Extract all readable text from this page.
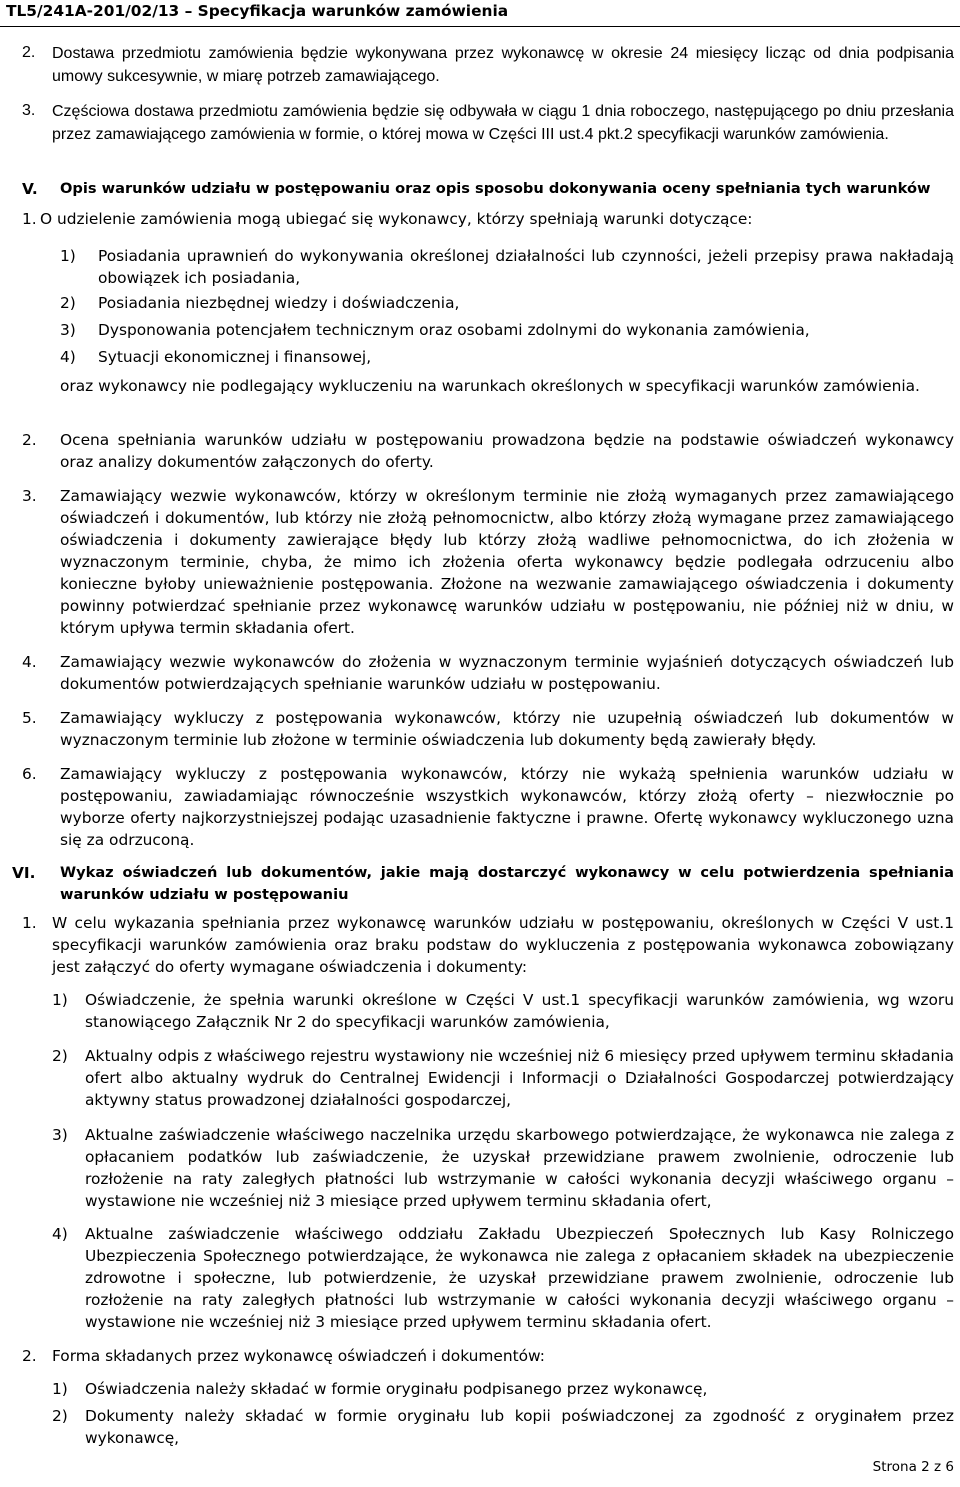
TL5/241A-201/02/13 – Specyfikacja warunków zamówienia
2. Dostawa przedmiotu zamówienia będzie wykonywana przez wykonawcę w okresie 24 miesięcy licząc od dnia podpisania umowy sukcesywnie, w miarę potrzeb zamawiającego.
3. Częściowa dostawa przedmiotu zamówienia będzie się odbywała w ciągu 1 dnia roboczego, następującego po dniu przesłania przez zamawiającego zamówienia w formie, o której mowa w Części III ust.4 pkt.2 specyfikacji warunków zamówienia.
V. Opis warunków udziału w postępowaniu oraz opis sposobu dokonywania oceny spełniania tych warunków
1. O udzielenie zamówienia mogą ubiegać się wykonawcy, którzy spełniają warunki dotyczące:
1) Posiadania uprawnień do wykonywania określonej działalności lub czynności, jeżeli przepisy prawa nakładają obowiązek ich posiadania,
2) Posiadania niezbędnej wiedzy i doświadczenia,
3) Dysponowania potencjałem technicznym oraz osobami zdolnymi do wykonania zamówienia,
4) Sytuacji ekonomicznej i finansowej,
oraz wykonawcy nie podlegający wykluczeniu na warunkach określonych w specyfikacji warunków zamówienia.
2. Ocena spełniania warunków udziału w postępowaniu prowadzona będzie na podstawie oświadczeń wykonawcy oraz analizy dokumentów załączonych do oferty.
3. Zamawiający wezwie wykonawców, którzy w określonym terminie nie złożą wymaganych przez zamawiającego oświadczeń i dokumentów, lub którzy nie złożą pełnomocnictw, albo którzy złożą wymagane przez zamawiającego oświadczenia i dokumenty zawierające błędy lub którzy złożą wadliwe pełnomocnictwa, do ich złożenia w wyznaczonym terminie, chyba, że mimo ich złożenia oferta wykonawcy będzie podlegała odrzuceniu albo konieczne byłoby unieważnienie postępowania. Złożone na wezwanie zamawiającego oświadczenia i dokumenty powinny potwierdzać spełnianie przez wykonawcę warunków udziału w postępowaniu, nie później niż w dniu, w którym upływa termin składania ofert.
4. Zamawiający wezwie wykonawców do złożenia w wyznaczonym terminie wyjaśnień dotyczących oświadczeń lub dokumentów potwierdzających spełnianie warunków udziału w postępowaniu.
5. Zamawiający wykluczy z postępowania wykonawców, którzy nie uzupełnią oświadczeń lub dokumentów w wyznaczonym terminie lub złożone w terminie oświadczenia lub dokumenty będą zawierały błędy.
6. Zamawiający wykluczy z postępowania wykonawców, którzy nie wykażą spełnienia warunków udziału w postępowaniu, zawiadamiając równocześnie wszystkich wykonawców, którzy złożą oferty – niezwłocznie po wyborze oferty najkorzystniejszej podając uzasadnienie faktyczne i prawne. Ofertę wykonawcy wykluczonego uzna się za odrzuconą.
VI. Wykaz oświadczeń lub dokumentów, jakie mają dostarczyć wykonawcy w celu potwierdzenia spełniania warunków udziału w postępowaniu
1. W celu wykazania spełniania przez wykonawcę warunków udziału w postępowaniu, określonych w Części V ust.1 specyfikacji warunków zamówienia oraz braku podstaw do wykluczenia z postępowania wykonawca zobowiązany jest załączyć do oferty wymagane oświadczenia i dokumenty:
1) Oświadczenie, że spełnia warunki określone w Części V ust.1 specyfikacji warunków zamówienia, wg wzoru stanowiącego Załącznik Nr 2 do specyfikacji warunków zamówienia,
2) Aktualny odpis z właściwego rejestru wystawiony nie wcześniej niż 6 miesięcy przed upływem terminu składania ofert albo aktualny wydruk do Centralnej Ewidencji i Informacji o Działalności Gospodarczej potwierdzający aktywny status prowadzonej działalności gospodarczej,
3) Aktualne zaświadczenie właściwego naczelnika urzędu skarbowego potwierdzające, że wykonawca nie zalega z opłacaniem podatków lub zaświadczenie, że uzyskał przewidziane prawem zwolnienie, odroczenie lub rozłożenie na raty zaległych płatności lub wstrzymanie w całości wykonania decyzji właściwego organu – wystawione nie wcześniej niż 3 miesiące przed upływem terminu składania ofert,
4) Aktualne zaświadczenie właściwego oddziału Zakładu Ubezpieczeń Społecznych lub Kasy Rolniczego Ubezpieczenia Społecznego potwierdzające, że wykonawca nie zalega z opłacaniem składek na ubezpieczenie zdrowotne i społeczne, lub potwierdzenie, że uzyskał przewidziane prawem zwolnienie, odroczenie lub rozłożenie na raty zaległych płatności lub wstrzymanie w całości wykonania decyzji właściwego organu – wystawione nie wcześniej niż 3 miesiące przed upływem terminu składania ofert.
2. Forma składanych przez wykonawcę oświadczeń i dokumentów:
1) Oświadczenia należy składać w formie oryginału podpisanego przez wykonawcę,
2) Dokumenty należy składać w formie oryginału lub kopii poświadczonej za zgodność z oryginałem przez wykonawcę,
Strona 2 z 6
